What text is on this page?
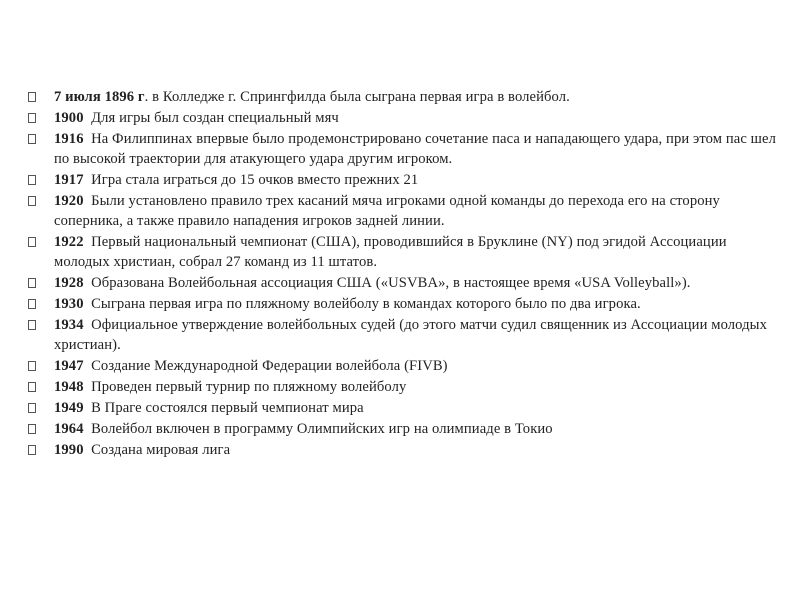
7 июля 1896 г. в Колледже г. Спрингфилда была сыграна первая игра в волейбол.
1900 Для игры был создан специальный мяч
1916 На Филиппинах впервые было продемонстрировано сочетание паса и нападающего удара, при этом пас шел по высокой траектории для атакующего удара другим игроком.
1917 Игра стала играться до 15 очков вместо прежних 21
1920 Были установлено правило трех касаний мяча игроками одной команды до перехода его на сторону соперника, а также правило нападения игроков задней линии.
1922 Первый национальный чемпионат (США), проводившийся в Бруклине (NY) под эгидой Ассоциации молодых христиан, собрал 27 команд из 11 штатов.
1928 Образована Волейбольная ассоциация США («USVBA», в настоящее время «USA Volleyball»).
1930 Сыграна первая игра по пляжному волейболу в командах которого было по два игрока.
1934 Официальное утверждение волейбольных судей (до этого матчи судил священник из Ассоциации молодых христиан).
1947 Создание Международной Федерации волейбола (FIVB)
1948 Проведен первый турнир по пляжному волейболу
1949 В Праге состоялся первый чемпионат мира
1964 Волейбол включен в программу Олимпийских игр на олимпиаде в Токио
1990 Создана мировая лига
